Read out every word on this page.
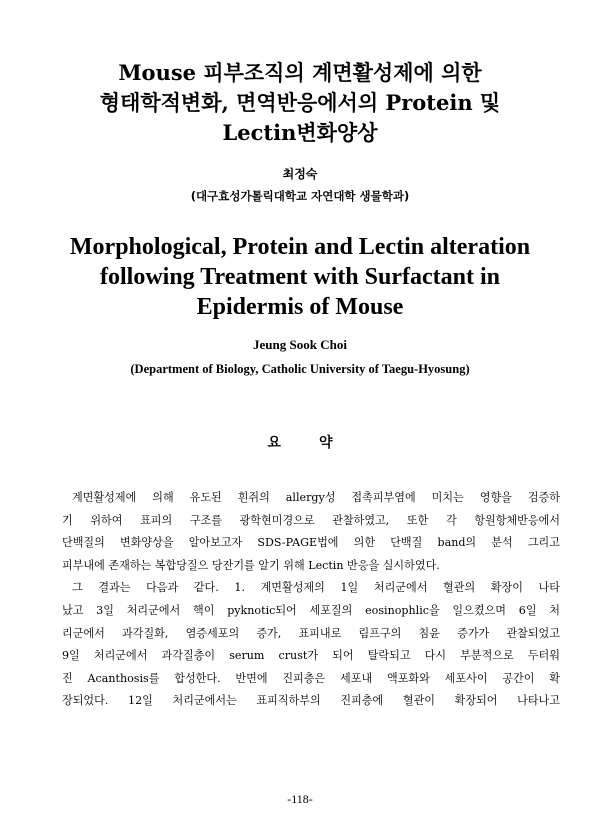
Mouse 피부조직의 계면활성제에 의한
형태학적변화, 면역반응에서의 Protein 및
Lectin변화양상
최정숙
(대구효성가톨릭대학교 자연대학 생물학과)
Morphological, Protein and Lectin alteration
following Treatment with Surfactant in
Epidermis of Mouse
Jeung Sook Choi
(Department of Biology, Catholic University of Taegu-Hyosung)
요약
계면활성제에 의해 유도된 흰쥐의 allergy성 접촉피부염에 미치는 영향을 검증하
기 위하여 표피의 구조를 광학현미경으로 관찰하였고, 또한 각 항원항체반응에서
단백질의 변화양상을 알아보고자 SDS-PAGE법에 의한 단백질 band의 분석 그리고
피부내에 존재하는 복합당질으 당잔기를 알기 위해 Lectin 반응을 실시하였다.
그 결과는 다음과 같다. 1. 계면활성제의 1일 처리군에서 혈관의 확장이 나타
났고 3일 처리군에서 핵이 pyknotic되어 세포질의 eosinophlic을 일으켰으며 6일 처
리군에서 과각질화, 염증세포의 증가, 표피내로 림프구의 침윤 증가가 관찰되었고
9일 처리군에서 과각질층이 serum crust가 되어 탈락되고 다시 부분적으로 두터워
진 Acanthosis를 합성한다. 반면에 진피층은 세포내 액포화와 세포사이 공간이 확
장되었다. 12일 처리군에서는 표피직하부의 진피층에 혈관이 확장되어 나타나고
-118-
